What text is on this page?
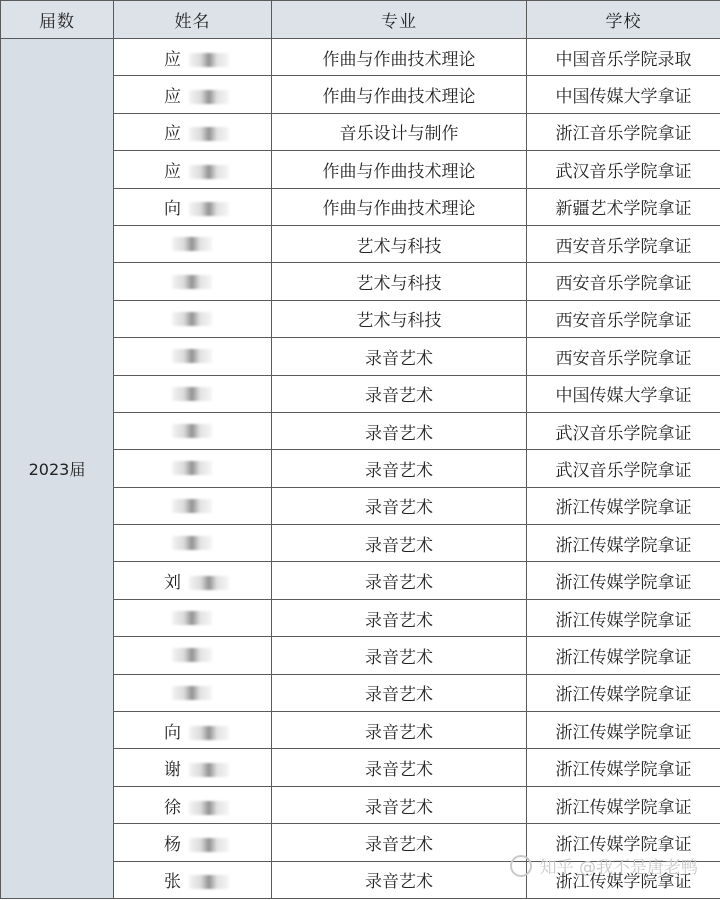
届数	姓名	专业	学校
2023届	应	作曲与作曲技术理论	中国音乐学院录取
	应	作曲与作曲技术理论	中国传媒大学拿证
	应	音乐设计与制作	浙江音乐学院拿证
	应	作曲与作曲技术理论	武汉音乐学院拿证
	向	作曲与作曲技术理论	新疆艺术学院拿证
		艺术与科技	西安音乐学院拿证
		艺术与科技	西安音乐学院拿证
		艺术与科技	西安音乐学院拿证
		录音艺术	西安音乐学院拿证
		录音艺术	中国传媒大学拿证
		录音艺术	武汉音乐学院拿证
		录音艺术	武汉音乐学院拿证
		录音艺术	浙江传媒学院拿证
		录音艺术	浙江传媒学院拿证
	刘	录音艺术	浙江传媒学院拿证
		录音艺术	浙江传媒学院拿证
		录音艺术	浙江传媒学院拿证
		录音艺术	浙江传媒学院拿证
	向	录音艺术	浙江传媒学院拿证
	谢	录音艺术	浙江传媒学院拿证
	徐	录音艺术	浙江传媒学院拿证
	杨	录音艺术	浙江传媒学院拿证
	张	录音艺术	浙江传媒学院拿证
知乎 @我不是唐老鸭
